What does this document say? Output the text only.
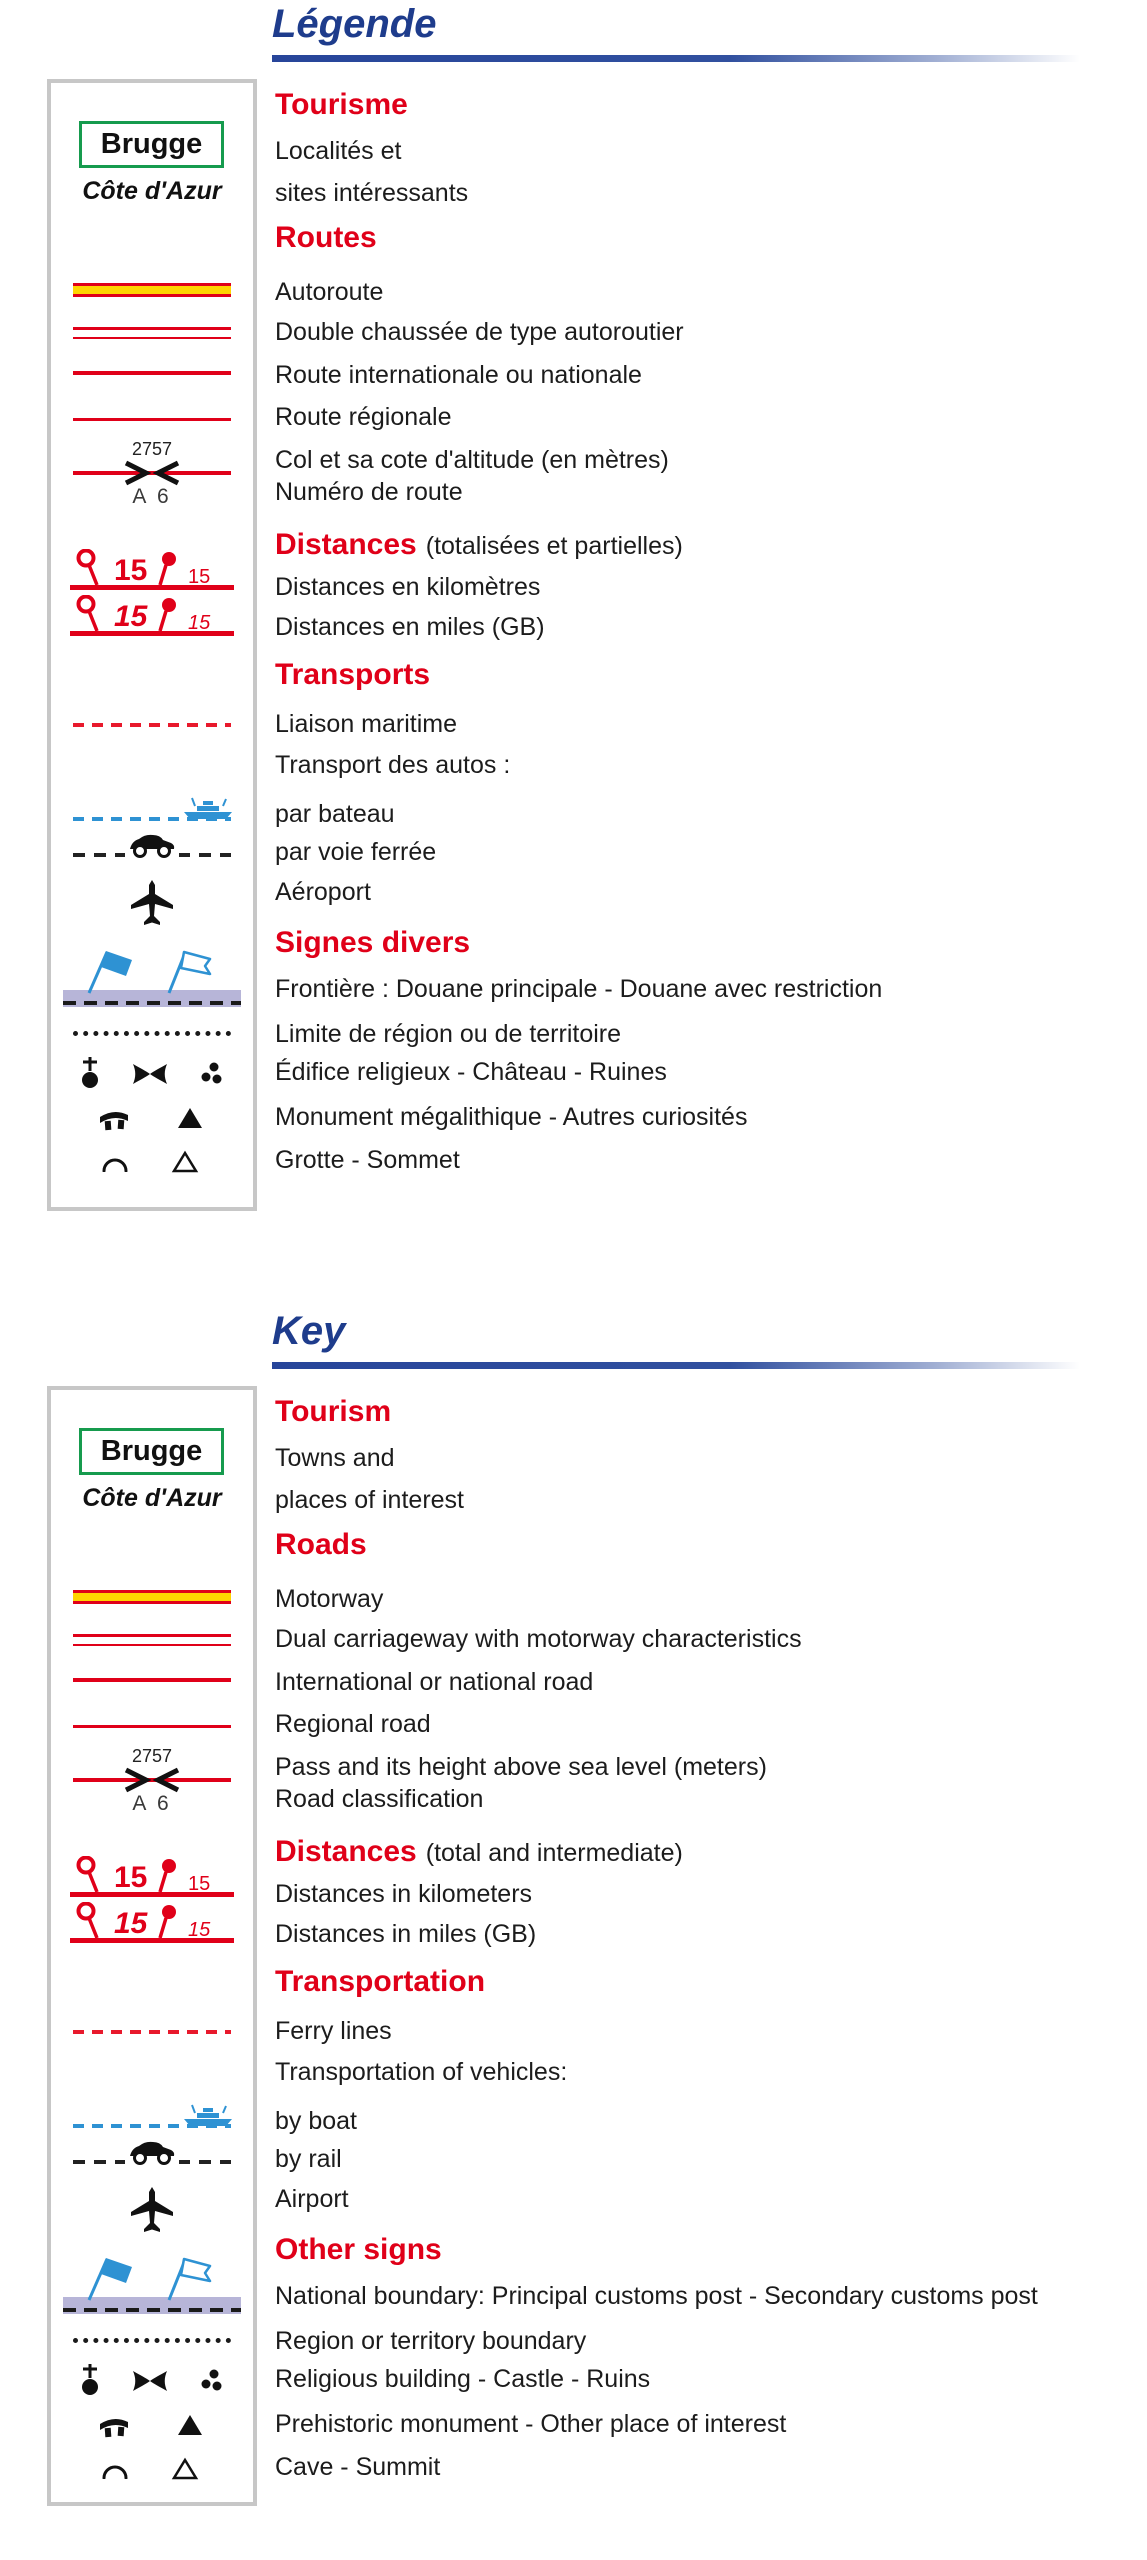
Légende
Brugge
Côte d'Azur
2757
A 6
15 15
15 15
Tourisme
Localités et
sites intéressants
Routes
Autoroute
Double chaussée de type autoroutier
Route internationale ou nationale
Route régionale
Col et sa cote d'altitude (en mètres)
Numéro de route
Distances (totalisées et partielles)
Distances en kilomètres
Distances en miles (GB)
Transports
Liaison maritime
Transport des autos :
par bateau
par voie ferrée
Aéroport
Signes divers
Frontière : Douane principale - Douane avec restriction
Limite de région ou de territoire
Édifice religieux - Château - Ruines
Monument mégalithique - Autres curiosités
Grotte - Sommet
Key
Brugge
Côte d'Azur
2757
A 6
15 15
15 15
Tourism
Towns and
places of interest
Roads
Motorway
Dual carriageway with motorway characteristics
International or national road
Regional road
Pass and its height above sea level (meters)
Road classification
Distances (total and intermediate)
Distances in kilometers
Distances in miles (GB)
Transportation
Ferry lines
Transportation of vehicles:
by boat
by rail
Airport
Other signs
National boundary: Principal customs post - Secondary customs post
Region or territory boundary
Religious building - Castle - Ruins
Prehistoric monument - Other place of interest
Cave - Summit
